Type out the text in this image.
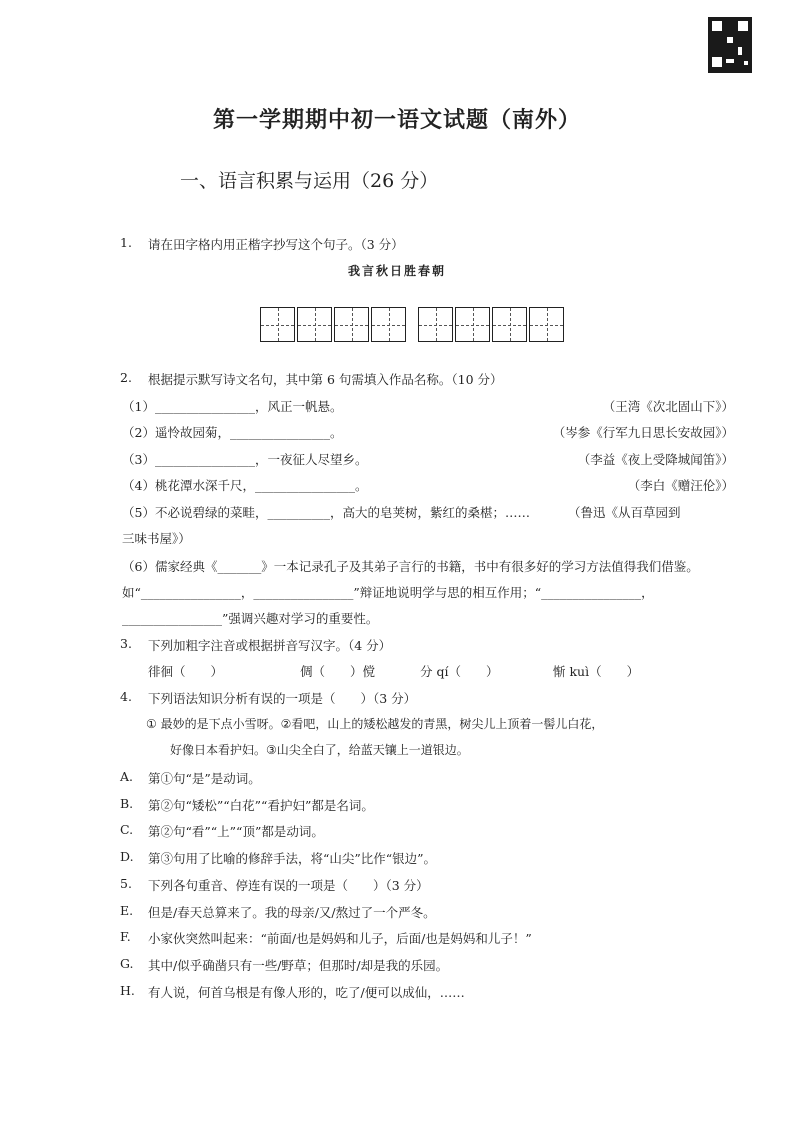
第一学期期中初一语文试题（南外）
一、语言积累与运用（26 分）
1. 请在田字格内用正楷字抄写这个句子。（3 分）
我言秋日胜春朝
2. 根据提示默写诗文名句，其中第 6 句需填入作品名称。（10 分）
（1）________________，风正一帆悬。	（王湾《次北固山下》）
（2）遥怜故园菊，________________。	（岑参《行军九日思长安故园》）
（3）________________，一夜征人尽望乡。	（李益《夜上受降城闻笛》）
（4）桃花潭水深千尺，________________。	（李白《赠汪伦》）
（5）不必说碧绿的菜畦，__________，高大的皂荚树，紫红的桑椹；……	（鲁迅《从百草园到
三味书屋》）
（6）儒家经典《_______》一本记录孔子及其弟子言行的书籍，书中有很多好的学习方法值得我们借鉴。
如“________________，________________”辩证地说明学与思的相互作用；“________________，
________________”强调兴趣对学习的重要性。
3. 下列加粗字注音或根据拼音写汉字。（4 分）
徘徊（　　）	倜（　　）傥	分 qí（　　）	惭 kuì（　　）
4. 下列语法知识分析有误的一项是（　　）（3 分）
① 最妙的是下点小雪呀。②看吧，山上的矮松越发的青黑，树尖儿上顶着一髻儿白花，
好像日本看护妇。③山尖全白了，给蓝天镶上一道银边。
A. 第①句“是”是动词。
B. 第②句“矮松”“白花”“看护妇”都是名词。
C. 第②句“看”“上”“顶”都是动词。
D. 第③句用了比喻的修辞手法，将“山尖”比作“银边”。
5. 下列各句重音、停连有误的一项是（　　）（3 分）
E. 但是/春天总算来了。我的母亲/又/熬过了一个严冬。
F. 小家伙突然叫起来：“前面/也是妈妈和儿子，后面/也是妈妈和儿子！”
G. 其中/似乎确凿只有一些/野草；但那时/却是我的乐园。
H. 有人说，何首乌根是有像人形的，吃了/便可以成仙，……
